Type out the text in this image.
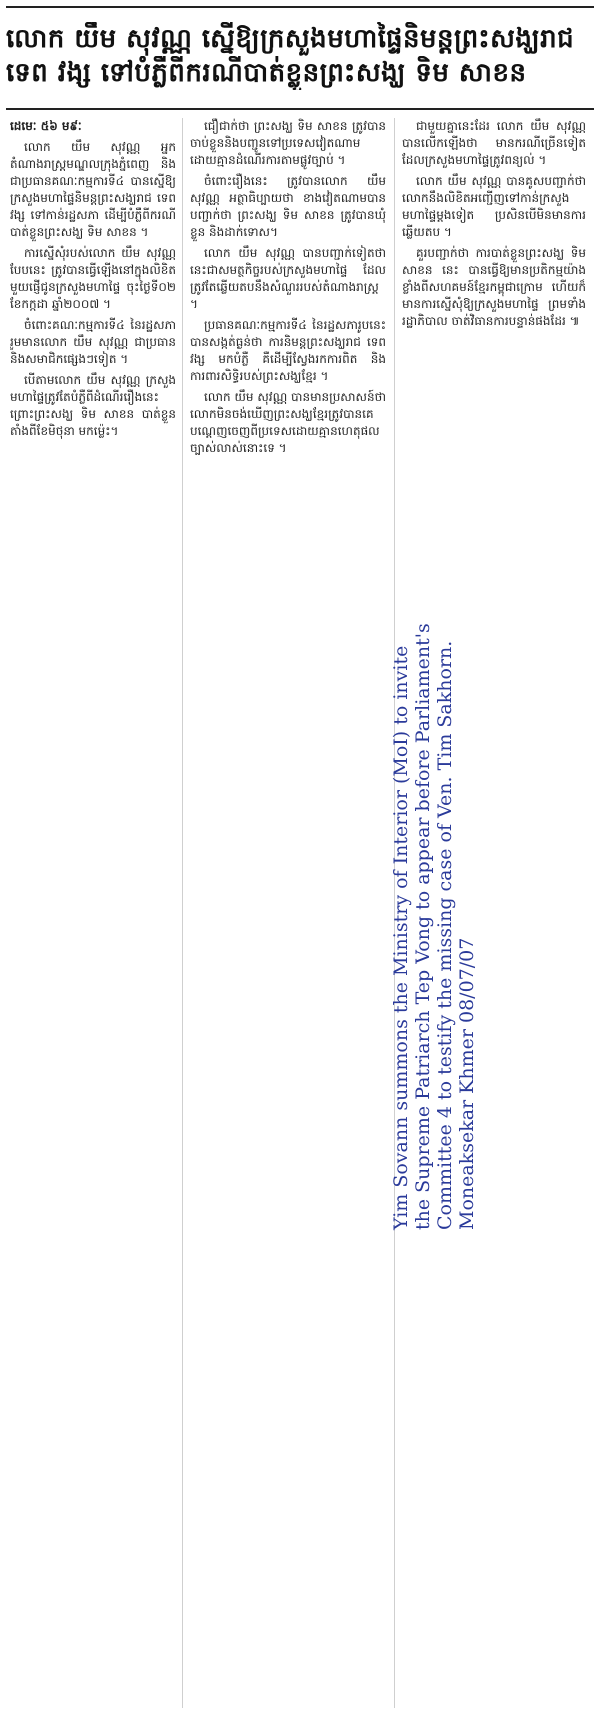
លោក យឹម សុវណ្ណ ស្នើឱ្យក្រសួងមហាផ្ទៃនិមន្តព្រះសង្ឃរាជ
ទេព វង្ស ទៅបំភ្លឺពីករណីបាត់ខ្លួនព្រះសង្ឃ ទិម សាខន
ដេមេៈ ៥៦ ម៩ៈ

លោក យឹម សុវណ្ណ អ្នកតំណាងរាស្ត្រមណ្ឌលក្រុងភ្នំពេញ និងជាប្រធានគណៈកម្មការទី៤ បានស្នើឱ្យក្រសួងមហាផ្ទៃនិមន្តព្រះសង្ឃរាជ ទេព វង្ស ទៅកាន់រដ្ឋសភា ដើម្បីបំភ្លឺពីករណីបាត់ខ្លួនព្រះសង្ឃ ទិម សាខន ។

ការស្នើសុំរបស់លោក យឹម សុវណ្ណ បែបនេះ ត្រូវបានធ្វើឡើងនៅក្នុងលិខិតមួយផ្ញើជូនក្រសួងមហាផ្ទៃ ចុះថ្ងៃទី០២ ខែកក្កដា ឆ្នាំ២០០៧ ។

ចំពោះគណៈកម្មការទី៤ នៃរដ្ឋសភា រួមមានលោក យឹម សុវណ្ណ ជាប្រធាន និងសមាជិកផ្សេងៗទៀត ។

បើតាមលោក យឹម សុវណ្ណ ក្រសួងមហាផ្ទៃត្រូវតែបំភ្លឺពីដំណើររឿងនេះ ព្រោះព្រះសង្ឃ ទិម សាខន បាត់ខ្លួនតាំងពីខែមិថុនា មកម្ល៉េះ។

ជឿជាក់ថា ព្រះសង្ឃ ទិម សាខន ត្រូវបានចាប់ខ្លួននិងបញ្ជូនទៅប្រទេសវៀតណាម ដោយគ្មានដំណើរការតាមផ្លូវច្បាប់ ។

ចំពោះរឿងនេះ ត្រូវបានលោក យឹម សុវណ្ណ អត្ថាធិប្បាយថា ខាងវៀតណាមបានបញ្ជាក់ថា ព្រះសង្ឃ ទិម សាខន ត្រូវបានឃុំខ្លួន និងដាក់ទោស។

លោក យឹម សុវណ្ណ បានបញ្ជាក់ទៀតថា នេះជាសមត្ថកិច្ចរបស់ក្រសួងមហាផ្ទៃ ដែលត្រូវតែឆ្លើយតបនឹងសំណួររបស់តំណាងរាស្ត្រ ។

ប្រធានគណៈកម្មការទី៤ នៃរដ្ឋសភារូបនេះ បានសង្កត់ធ្ងន់ថា ការនិមន្តព្រះសង្ឃរាជ ទេព វង្ស មកបំភ្លឺ គឺដើម្បីស្វែងរកការពិត និងការពារសិទ្ធិរបស់ព្រះសង្ឃខ្មែរ ។

លោក យឹម សុវណ្ណ បានមានប្រសាសន៍ថា លោកមិនចង់ឃើញព្រះសង្ឃខ្មែរត្រូវបានគេបណ្តេញចេញពីប្រទេសដោយគ្មានហេតុផលច្បាស់លាស់នោះទេ ។

ជាមួយគ្នានេះដែរ លោក យឹម សុវណ្ណ បានលើកឡើងថា មានករណីច្រើនទៀតដែលក្រសួងមហាផ្ទៃត្រូវពន្យល់ ។

លោក យឹម សុវណ្ណ បានគូសបញ្ជាក់ថា លោកនឹងលិខិតអញ្ជើញទៅកាន់ក្រសួងមហាផ្ទៃម្តងទៀត ប្រសិនបើមិនមានការឆ្លើយតប ។

គួរបញ្ជាក់ថា ការបាត់ខ្លួនព្រះសង្ឃ ទិម សាខន នេះ បានធ្វើឱ្យមានប្រតិកម្មយ៉ាងខ្លាំងពីសហគមន៍ខ្មែរកម្ពុជាក្រោម ហើយក៏មានការស្នើសុំឱ្យក្រសួងមហាផ្ទៃ ព្រមទាំងរដ្ឋាភិបាល ចាត់វិធានការបន្ទាន់ផងដែរ ៕

Yim Sovann summons the Ministry of Interior (MoI) to invite the Supreme Patriarch Tep Vong to appear before Parliament's Committee 4 to testify the missing case of Ven. Tim Sakhorn. Moneaksekar Khmer 08/07/07
